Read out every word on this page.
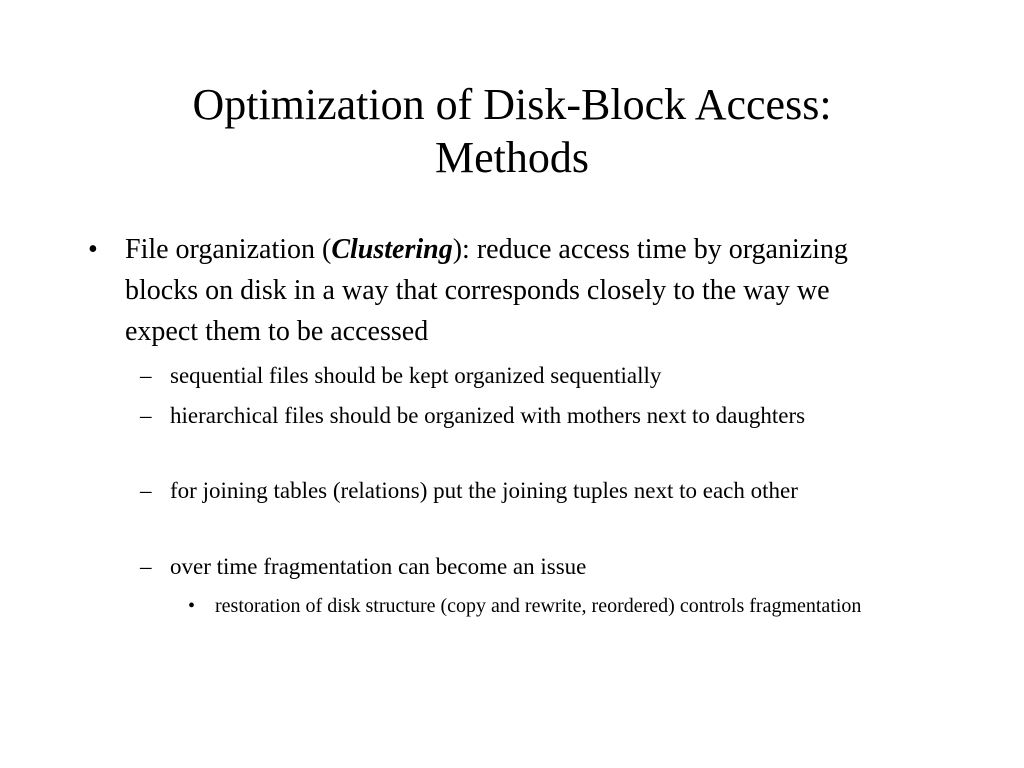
Optimization of Disk-Block Access:
Methods
• File organization (Clustering): reduce access time by organizing blocks on disk in a way that corresponds closely to the way we expect them to be accessed

– sequential files should be kept organized sequentially

– hierarchical files should be organized with mothers next to daughters

– for joining tables (relations) put the joining tuples next to each other

– over time fragmentation can become an issue

• restoration of disk structure (copy and rewrite, reordered) controls fragmentation
